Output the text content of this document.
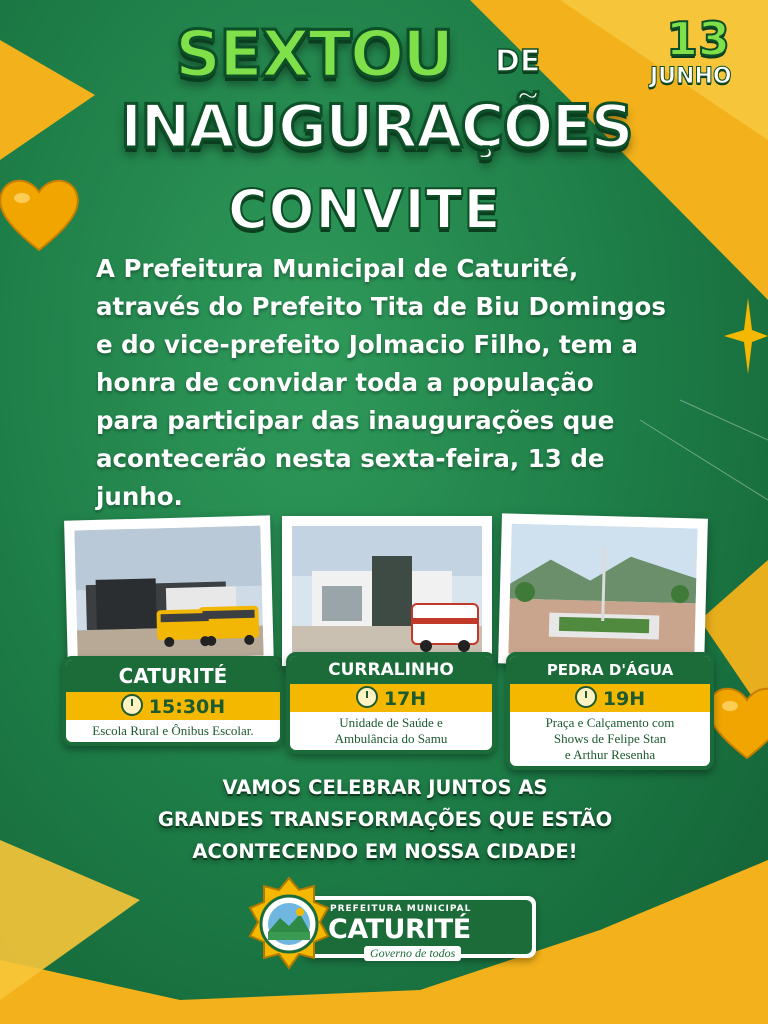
SEXTOU DE
INAUGURAÇÕES
CONVITE
13
JUNHO

A Prefeitura Municipal de Caturité,
através do Prefeito Tita de Biu Domingos
e do vice-prefeito Jolmacio Filho, tem a
honra de convidar toda a população
para participar das inaugurações que
acontecerão nesta sexta-feira, 13 de
junho.

CATURITÉ
15:30H
Escola Rural e Ônibus Escolar.
CURRALINHO
17H
Unidade de Saúde e
Ambulância do Samu
PEDRA D'ÁGUA
19H
Praça e Calçamento com
Shows de Felipe Stan
e Arthur Resenha
VAMOS CELEBRAR JUNTOS AS
GRANDES TRANSFORMAÇÕES QUE ESTÃO
ACONTECENDO EM NOSSA CIDADE!
PREFEITURA MUNICIPAL
CATURITÉ
Governo de todos
